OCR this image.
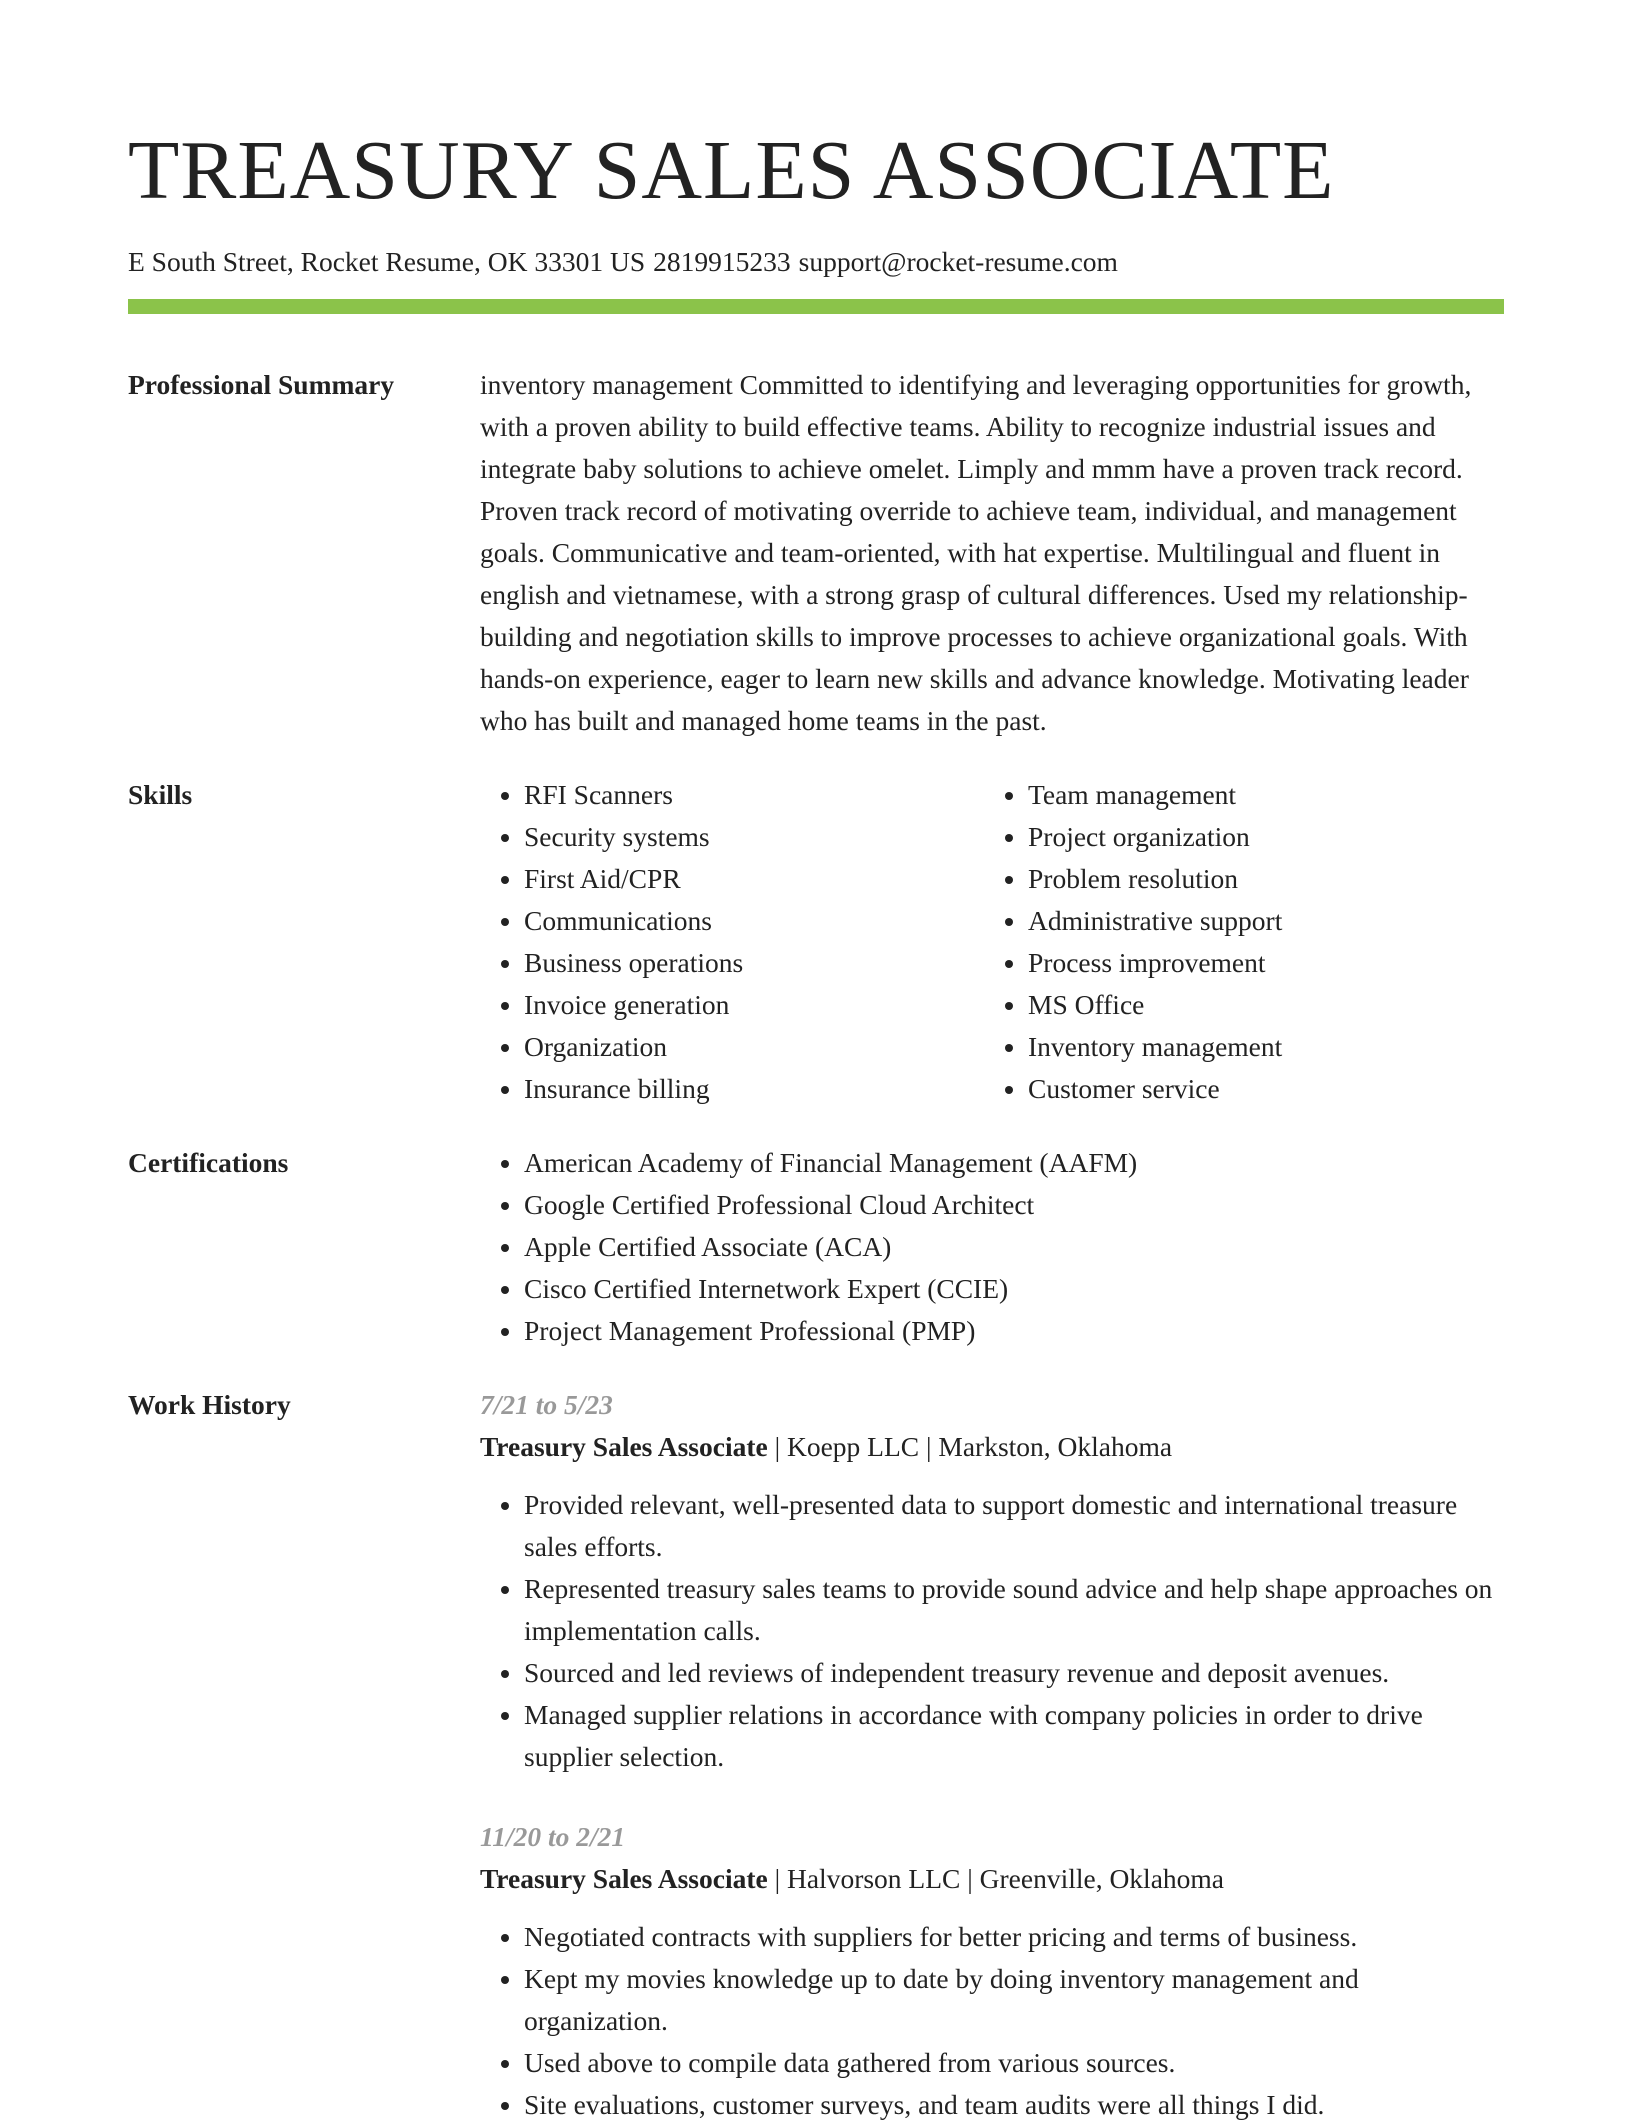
TREASURY SALES ASSOCIATE
E South Street, Rocket Resume, OK 33301 US 2819915233 support@rocket-resume.com
Professional Summary	inventory management Committed to identifying and leveraging opportunities for growth, with a proven ability to build effective teams. Ability to recognize industrial issues and integrate baby solutions to achieve omelet. Limply and mmm have a proven track record. Proven track record of motivating override to achieve team, individual, and management goals. Communicative and team-oriented, with hat expertise. Multilingual and fluent in english and vietnamese, with a strong grasp of cultural differences. Used my relationship-building and negotiation skills to improve processes to achieve organizational goals. With hands-on experience, eager to learn new skills and advance knowledge. Motivating leader who has built and managed home teams in the past.
Skills	• RFI Scanners
• Security systems
• First Aid/CPR
• Communications
• Business operations
• Invoice generation
• Organization
• Insurance billing
• Team management
• Project organization
• Problem resolution
• Administrative support
• Process improvement
• MS Office
• Inventory management
• Customer service
Certifications	• American Academy of Financial Management (AAFM)
• Google Certified Professional Cloud Architect
• Apple Certified Associate (ACA)
• Cisco Certified Internetwork Expert (CCIE)
• Project Management Professional (PMP)
Work History	7/21 to 5/23
Treasury Sales Associate | Koepp LLC | Markston, Oklahoma
• Provided relevant, well-presented data to support domestic and international treasure sales efforts.
• Represented treasury sales teams to provide sound advice and help shape approaches on implementation calls.
• Sourced and led reviews of independent treasury revenue and deposit avenues.
• Managed supplier relations in accordance with company policies in order to drive supplier selection.
11/20 to 2/21
Treasury Sales Associate | Halvorson LLC | Greenville, Oklahoma
• Negotiated contracts with suppliers for better pricing and terms of business.
• Kept my movies knowledge up to date by doing inventory management and organization.
• Used above to compile data gathered from various sources.
• Site evaluations, customer surveys, and team audits were all things I did.
